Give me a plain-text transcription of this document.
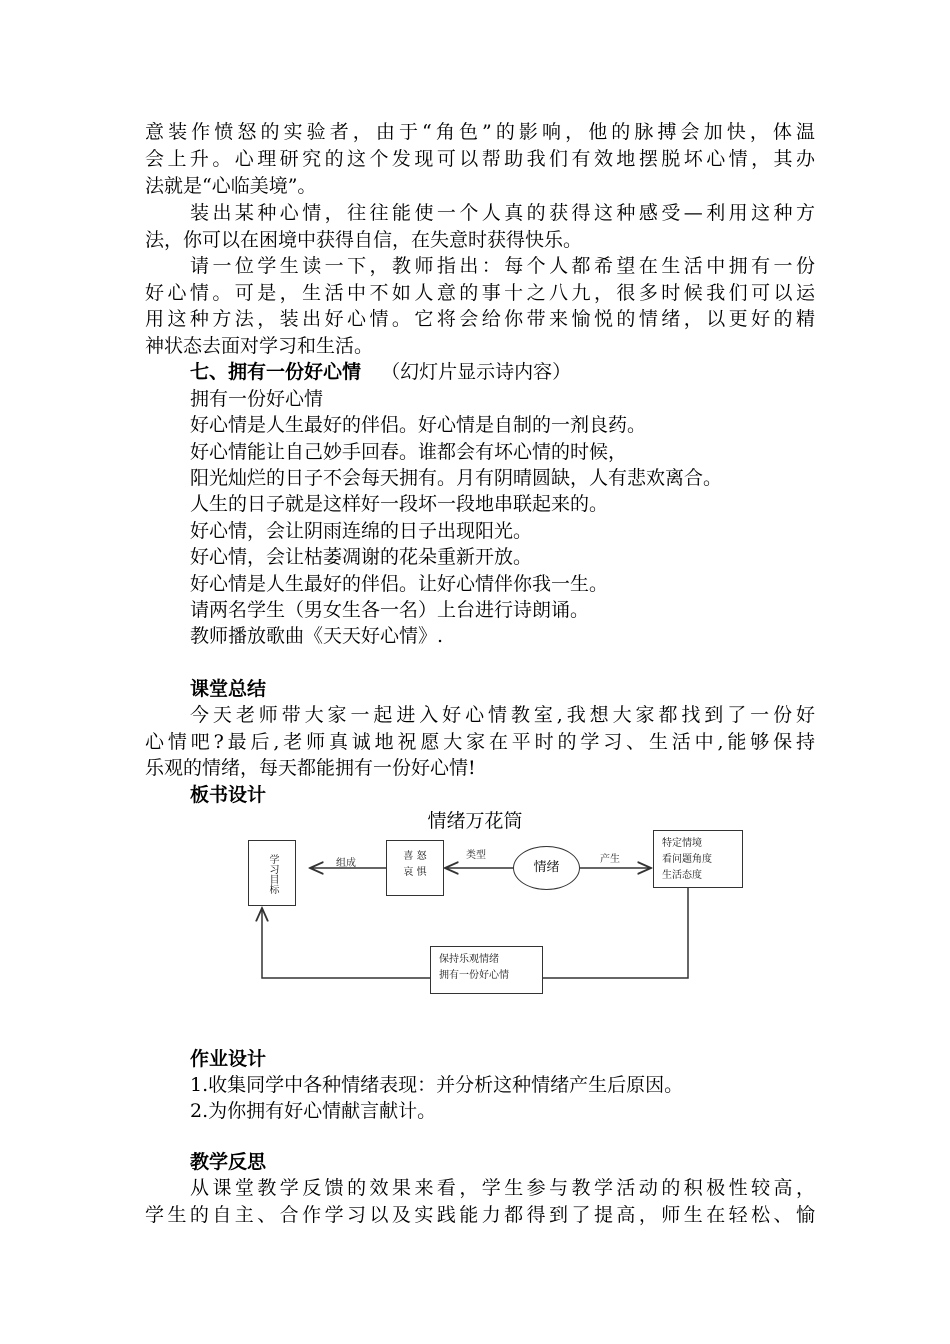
意装作愤怒的实验者，由于“角色”的影响，他的脉搏会加快，体温
会上升。心理研究的这个发现可以帮助我们有效地摆脱坏心情，其办
法就是“心临美境”。
装出某种心情，往往能使一个人真的获得这种感受—利用这种方
法，你可以在困境中获得自信，在失意时获得快乐。
请一位学生读一下，教师指出：每个人都希望在生活中拥有一份
好心情。可是，生活中不如人意的事十之八九，很多时候我们可以运
用这种方法，装出好心情。它将会给你带来愉悦的情绪，以更好的精
神状态去面对学习和生活。
七、拥有一份好心情 （幻灯片显示诗内容）
拥有一份好心情
好心情是人生最好的伴侣。好心情是自制的一剂良药。
好心情能让自己妙手回春。谁都会有坏心情的时候，
阳光灿烂的日子不会每天拥有。月有阴晴圆缺，人有悲欢离合。
人生的日子就是这样好一段坏一段地串联起来的。
好心情，会让阴雨连绵的日子出现阳光。
好心情，会让枯萎凋谢的花朵重新开放。
好心情是人生最好的伴侣。让好心情伴你我一生。
请两名学生（男女生各一名）上台进行诗朗诵。
教师播放歌曲《天天好心情》.
课堂总结
今天老师带大家一起进入好心情教室,我想大家都找到了一份好
心情吧?最后,老师真诚地祝愿大家在平时的学习、生活中,能够保持
乐观的情绪，每天都能拥有一份好心情!
板书设计
情绪万花筒
学习目标	组成
喜 怒
哀 惧
类型
情绪
产生
特定情境
看问题角度
生活态度
保持乐观情绪
拥有一份好心情
作业设计
1.收集同学中各种情绪表现：并分析这种情绪产生后原因。
2.为你拥有好心情献言献计。
教学反思
从课堂教学反馈的效果来看，学生参与教学活动的积极性较高，
学生的自主、合作学习以及实践能力都得到了提高，师生在轻松、愉
